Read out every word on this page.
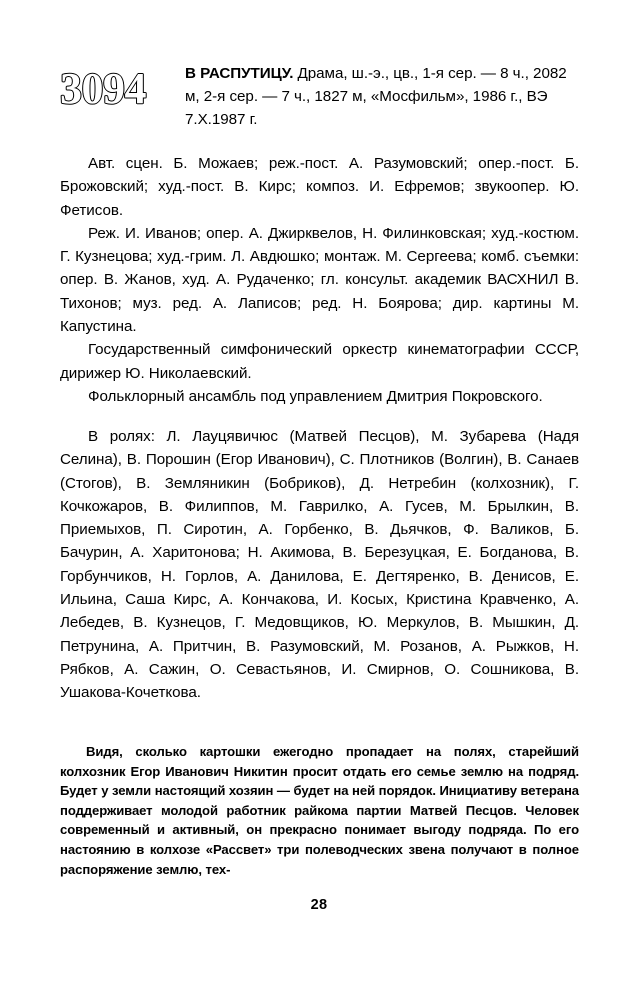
3094	В РАСПУТИЦУ. Драма, ш.-э., цв., 1-я сер. — 8 ч., 2082 м, 2-я сер. — 7 ч., 1827 м, «Мосфильм», 1986 г., ВЭ 7.X.1987 г.

Авт. сцен. Б. Можаев; реж.-пост. А. Разумовский; опер.-пост. Б. Брожовский; худ.-пост. В. Кирс; композ. И. Ефремов; звукоопер. Ю. Фетисов.

Реж. И. Иванов; опер. А. Джирквелов, Н. Филинковская; худ.-костюм. Г. Кузнецова; худ.-грим. Л. Авдюшко; монтаж. М. Сергеева; комб. съемки: опер. В. Жанов, худ. А. Рудаченко; гл. консульт. академик ВАСХНИЛ В. Тихонов; муз. ред. А. Лаписов; ред. Н. Боярова; дир. картины М. Капустина.

Государственный симфонический оркестр кинематографии СССР, дирижер Ю. Николаевский.

Фольклорный ансамбль под управлением Дмитрия Покровского.

В ролях: Л. Лауцявичюс (Матвей Песцов), М. Зубарева (Надя Селина), В. Порошин (Егор Иванович), С. Плотников (Волгин), В. Санаев (Стогов), В. Земляникин (Бобриков), Д. Нетребин (колхозник), Г. Кочкожаров, В. Филиппов, М. Гаврилко, А. Гусев, М. Брылкин, В. Приемыхов, П. Сиротин, А. Горбенко, В. Дьячков, Ф. Валиков, Б. Бачурин, А. Харитонова; Н. Акимова, В. Березуцкая, Е. Богданова, В. Горбунчиков, Н. Горлов, А. Данилова, Е. Дегтяренко, В. Денисов, Е. Ильина, Саша Кирс, А. Кончакова, И. Косых, Кристина Кравченко, А. Лебедев, В. Кузнецов, Г. Медовщиков, Ю. Меркулов, В. Мышкин, Д. Петрунина, А. Притчин, В. Разумовский, М. Розанов, А. Рыжков, Н. Рябков, А. Сажин, О. Севастьянов, И. Смирнов, О. Сошникова, В. Ушакова-Кочеткова.

Видя, сколько картошки ежегодно пропадает на полях, старейший колхозник Егор Иванович Никитин просит отдать его семье землю на подряд. Будет у земли настоящий хозяин — будет на ней порядок. Инициативу ветерана поддерживает молодой работник райкома партии Матвей Песцов. Человек современный и активный, он прекрасно понимает выгоду подряда. По его настоянию в колхозе «Рассвет» три полеводческих звена получают в полное распоряжение землю, тех-

28
